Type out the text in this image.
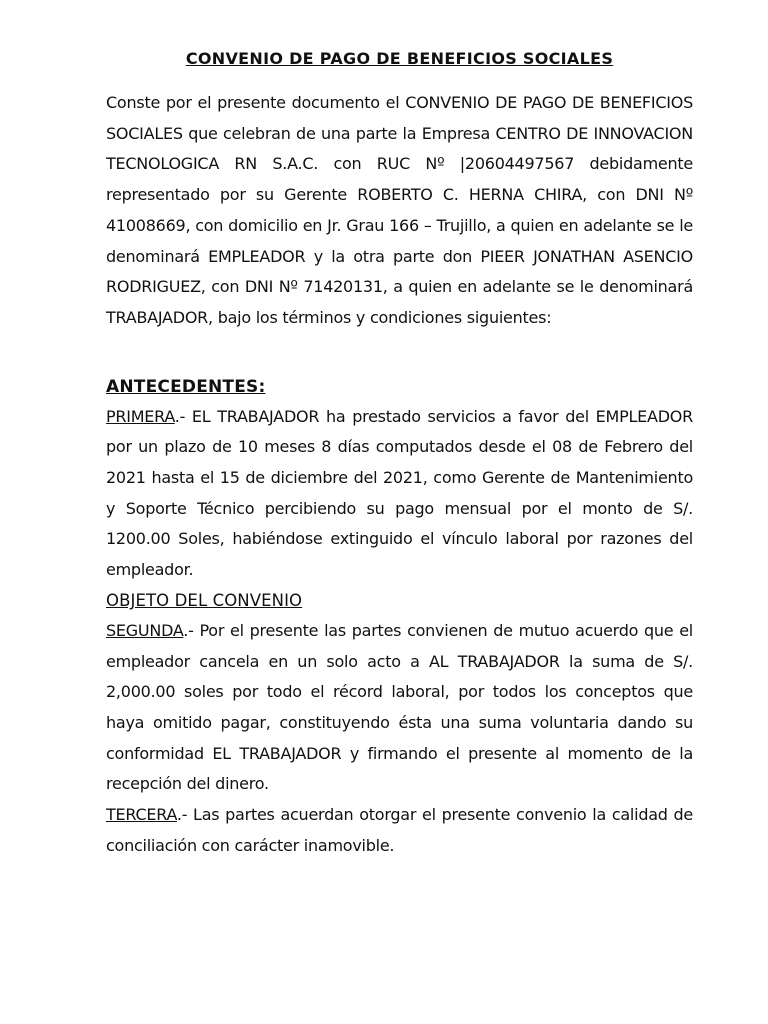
CONVENIO DE PAGO DE BENEFICIOS SOCIALES

Conste por el presente documento el CONVENIO DE PAGO DE BENEFICIOS SOCIALES que celebran de una parte la Empresa CENTRO DE INNOVACION TECNOLOGICA RN S.A.C. con RUC Nº |20604497567 debidamente representado por su Gerente ROBERTO C. HERNA CHIRA, con DNI Nº 41008669, con domicilio en Jr. Grau 166 – Trujillo, a quien en adelante se le denominará EMPLEADOR y la otra parte don PIEER JONATHAN ASENCIO RODRIGUEZ, con DNI Nº 71420131, a quien en adelante se le denominará TRABAJADOR, bajo los términos y condiciones siguientes:

ANTECEDENTES:

PRIMERA.- EL TRABAJADOR ha prestado servicios a favor del EMPLEADOR por un plazo de 10 meses 8 días computados desde el 08 de Febrero del 2021 hasta el 15 de diciembre del 2021, como Gerente de Mantenimiento y Soporte Técnico percibiendo su pago mensual por el monto de S/. 1200.00 Soles, habiéndose extinguido el vínculo laboral por razones del empleador.

OBJETO DEL CONVENIO

SEGUNDA.- Por el presente las partes convienen de mutuo acuerdo que el empleador cancela en un solo acto a AL TRABAJADOR la suma de S/. 2,000.00 soles por todo el récord laboral, por todos los conceptos que haya omitido pagar, constituyendo ésta una suma voluntaria dando su conformidad EL TRABAJADOR y firmando el presente al momento de la recepción del dinero.

TERCERA.- Las partes acuerdan otorgar el presente convenio la calidad de conciliación con carácter inamovible.
